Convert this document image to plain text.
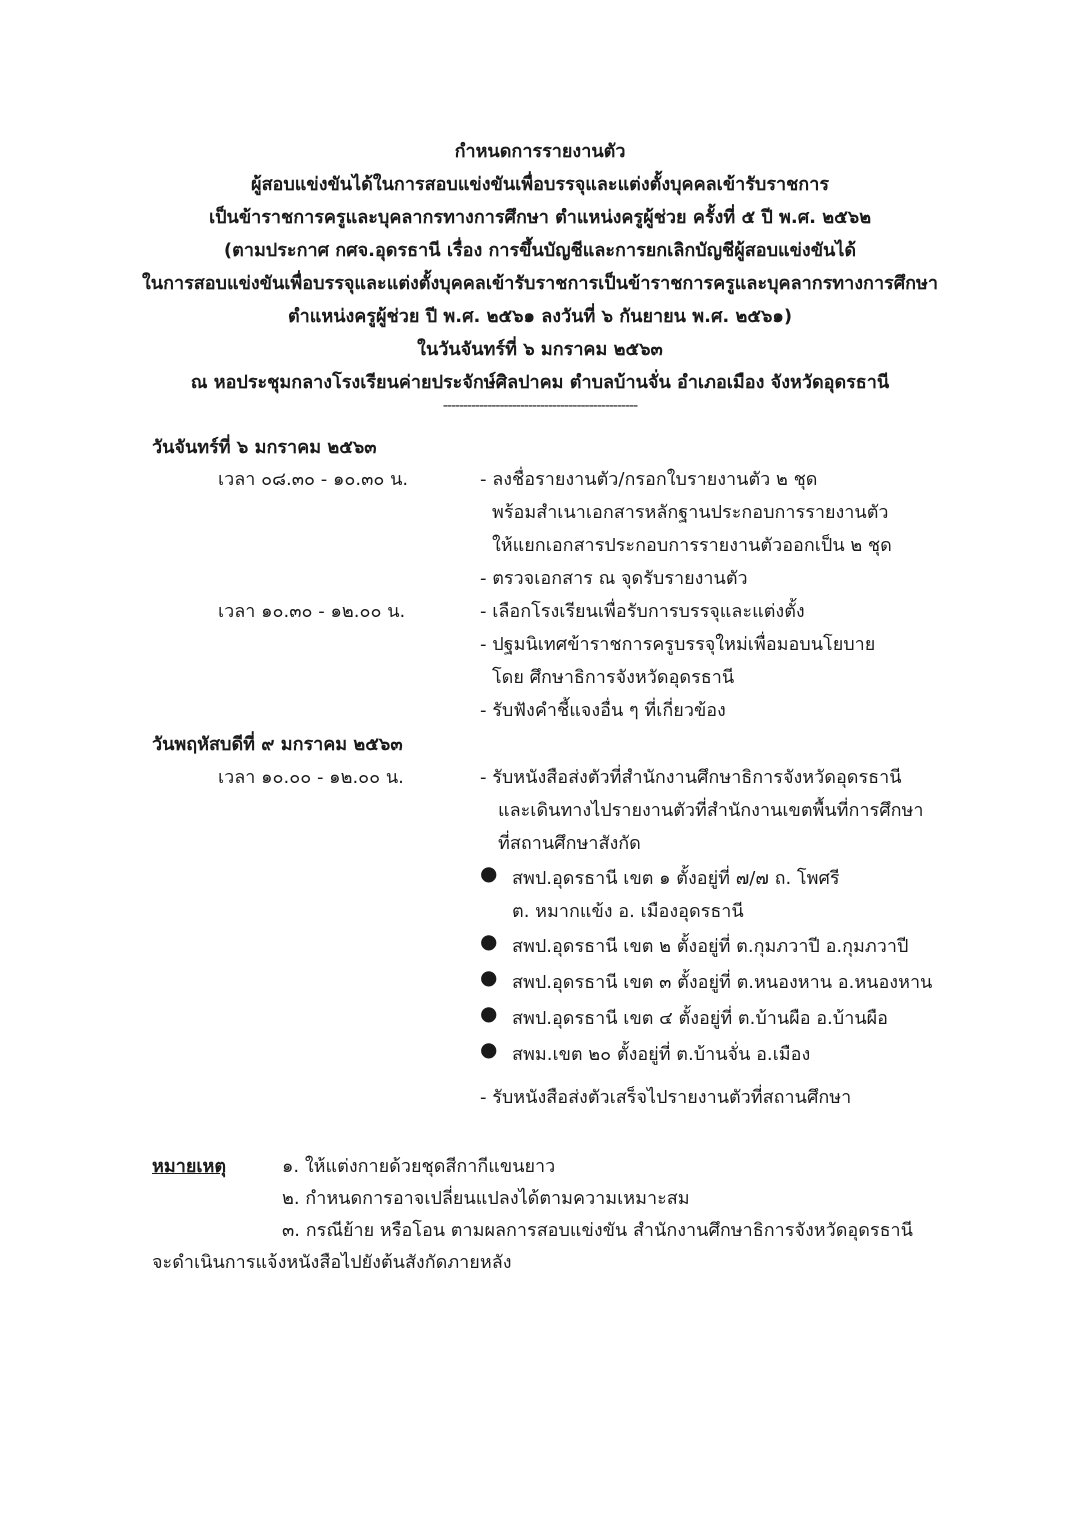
กำหนดการรายงานตัว
ผู้สอบแข่งขันได้ในการสอบแข่งขันเพื่อบรรจุและแต่งตั้งบุคคลเข้ารับราชการ
เป็นข้าราชการครูและบุคลากรทางการศึกษา ตำแหน่งครูผู้ช่วย ครั้งที่ ๕ ปี พ.ศ. ๒๕๖๒
(ตามประกาศ กศจ.อุดรธานี เรื่อง การขึ้นบัญชีและการยกเลิกบัญชีผู้สอบแข่งขันได้
ในการสอบแข่งขันเพื่อบรรจุและแต่งตั้งบุคคลเข้ารับราชการเป็นข้าราชการครูและบุคลากรทางการศึกษา
ตำแหน่งครูผู้ช่วย ปี พ.ศ. ๒๕๖๑ ลงวันที่ ๖ กันยายน พ.ศ. ๒๕๖๑)
ในวันจันทร์ที่ ๖ มกราคม ๒๕๖๓
ณ หอประชุมกลางโรงเรียนค่ายประจักษ์ศิลปาคม ตำบลบ้านจั่น อำเภอเมือง จังหวัดอุดรธานี
------------------------------------------------
วันจันทร์ที่ ๖ มกราคม ๒๕๖๓
เวลา ๐๘.๓๐ - ๑๐.๓๐ น.	- ลงชื่อรายงานตัว/กรอกใบรายงานตัว ๒ ชุด
พร้อมสำเนาเอกสารหลักฐานประกอบการรายงานตัว
ให้แยกเอกสารประกอบการรายงานตัวออกเป็น ๒ ชุด
- ตรวจเอกสาร ณ จุดรับรายงานตัว
เวลา ๑๐.๓๐ - ๑๒.๐๐ น.	- เลือกโรงเรียนเพื่อรับการบรรจุและแต่งตั้ง
- ปฐมนิเทศข้าราชการครูบรรจุใหม่เพื่อมอบนโยบาย
โดย ศึกษาธิการจังหวัดอุดรธานี
- รับฟังคำชี้แจงอื่น ๆ ที่เกี่ยวข้อง
วันพฤหัสบดีที่ ๙ มกราคม ๒๕๖๓
เวลา ๑๐.๐๐ - ๑๒.๐๐ น.	- รับหนังสือส่งตัวที่สำนักงานศึกษาธิการจังหวัดอุดรธานี
และเดินทางไปรายงานตัวที่สำนักงานเขตพื้นที่การศึกษา
ที่สถานศึกษาสังกัด
● สพป.อุดรธานี เขต ๑ ตั้งอยู่ที่ ๗/๗ ถ. โพศรี
ต. หมากแข้ง อ. เมืองอุดรธานี
● สพป.อุดรธานี เขต ๒ ตั้งอยู่ที่ ต.กุมภวาปี อ.กุมภวาปี
● สพป.อุดรธานี เขต ๓ ตั้งอยู่ที่ ต.หนองหาน อ.หนองหาน
● สพป.อุดรธานี เขต ๔ ตั้งอยู่ที่ ต.บ้านผือ อ.บ้านผือ
● สพม.เขต ๒๐ ตั้งอยู่ที่ ต.บ้านจั่น อ.เมือง
- รับหนังสือส่งตัวเสร็จไปรายงานตัวที่สถานศึกษา
หมายเหตุ	๑. ให้แต่งกายด้วยชุดสีกากีแขนยาว
๒. กำหนดการอาจเปลี่ยนแปลงได้ตามความเหมาะสม
๓. กรณีย้าย หรือโอน ตามผลการสอบแข่งขัน สำนักงานศึกษาธิการจังหวัดอุดรธานี
จะดำเนินการแจ้งหนังสือไปยังต้นสังกัดภายหลัง
